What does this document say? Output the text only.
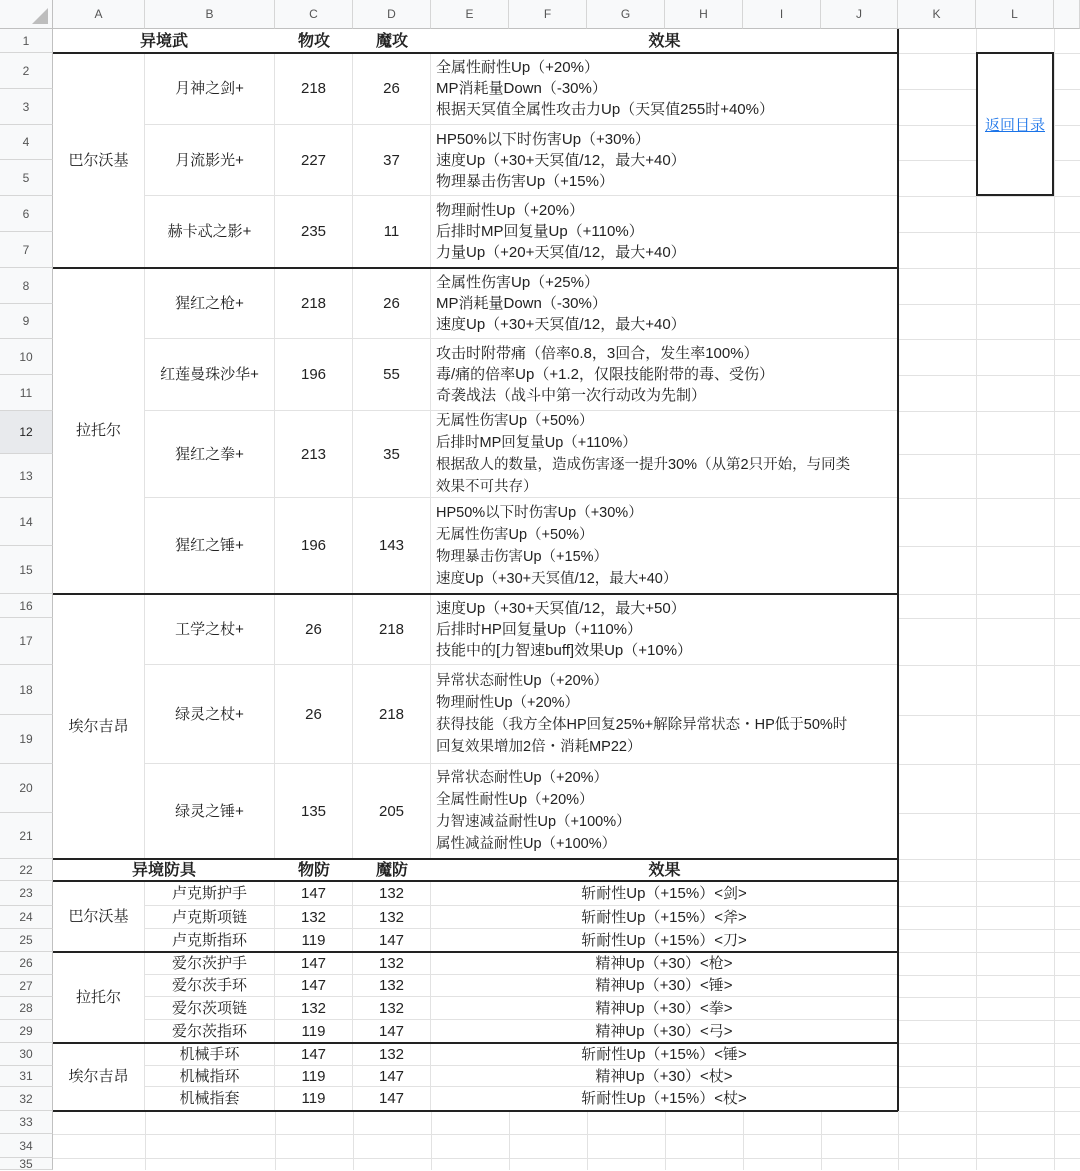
A	B	C	D	E	F	G	H	I	J	K	L
1
2
3
4
5
6
7
8
9
10
11
12
13
14
15
16
17
18
19
20
21
22
23
24
25
26
27
28
29
30
31
32
33
34
35
异境武	物攻	魔攻	效果
巴尔沃基
月神之剑+	218	26
全属性耐性Up（+20%）
MP消耗量Down（-30%）
根据天冥值全属性攻击力Up（天冥值255时+40%）
月流影光+	227	37
HP50%以下时伤害Up（+30%）
速度Up（+30+天冥值/12，最大+40）
物理暴击伤害Up（+15%）
赫卡忒之影+	235	11
物理耐性Up（+20%）
后排时MP回复量Up（+110%）
力量Up（+20+天冥值/12，最大+40）
拉托尔
猩红之枪+	218	26
全属性伤害Up（+25%）
MP消耗量Down（-30%）
速度Up（+30+天冥值/12，最大+40）
红莲曼珠沙华+	196	55
攻击时附带痛（倍率0.8，3回合，发生率100%）
毒/痛的倍率Up（+1.2，仅限技能附带的毒、受伤）
奇袭战法（战斗中第一次行动改为先制）
猩红之拳+	213	35
无属性伤害Up（+50%）
后排时MP回复量Up（+110%）
根据敌人的数量，造成伤害逐一提升30%（从第2只开始，与同类
效果不可共存）
猩红之锤+	196	143
HP50%以下时伤害Up（+30%）
无属性伤害Up（+50%）
物理暴击伤害Up（+15%）
速度Up（+30+天冥值/12，最大+40）
埃尔吉昂
工学之杖+	26	218
速度Up（+30+天冥值/12，最大+50）
后排时HP回复量Up（+110%）
技能中的[力智速buff]效果Up（+10%）
绿灵之杖+	26	218
异常状态耐性Up（+20%）
物理耐性Up（+20%）
获得技能（我方全体HP回复25%+解除异常状态・HP低于50%时
回复效果增加2倍・消耗MP22）
绿灵之锤+	135	205
异常状态耐性Up（+20%）
全属性耐性Up（+20%）
力智速减益耐性Up（+100%）
属性减益耐性Up（+100%）
异境防具	物防	魔防	效果
巴尔沃基
卢克斯护手	147	132	斩耐性Up（+15%）<剑>
卢克斯项链	132	132	斩耐性Up（+15%）<斧>
卢克斯指环	119	147	斩耐性Up（+15%）<刀>
拉托尔
爱尔茨护手	147	132	精神Up（+30）<枪>
爱尔茨手环	147	132	精神Up（+30）<锤>
爱尔茨项链	132	132	精神Up（+30）<拳>
爱尔茨指环	119	147	精神Up（+30）<弓>
埃尔吉昂
机械手环	147	132	斩耐性Up（+15%）<锤>
机械指环	119	147	精神Up（+30）<杖>
机械指套	119	147	斩耐性Up（+15%）<杖>
返回目录
